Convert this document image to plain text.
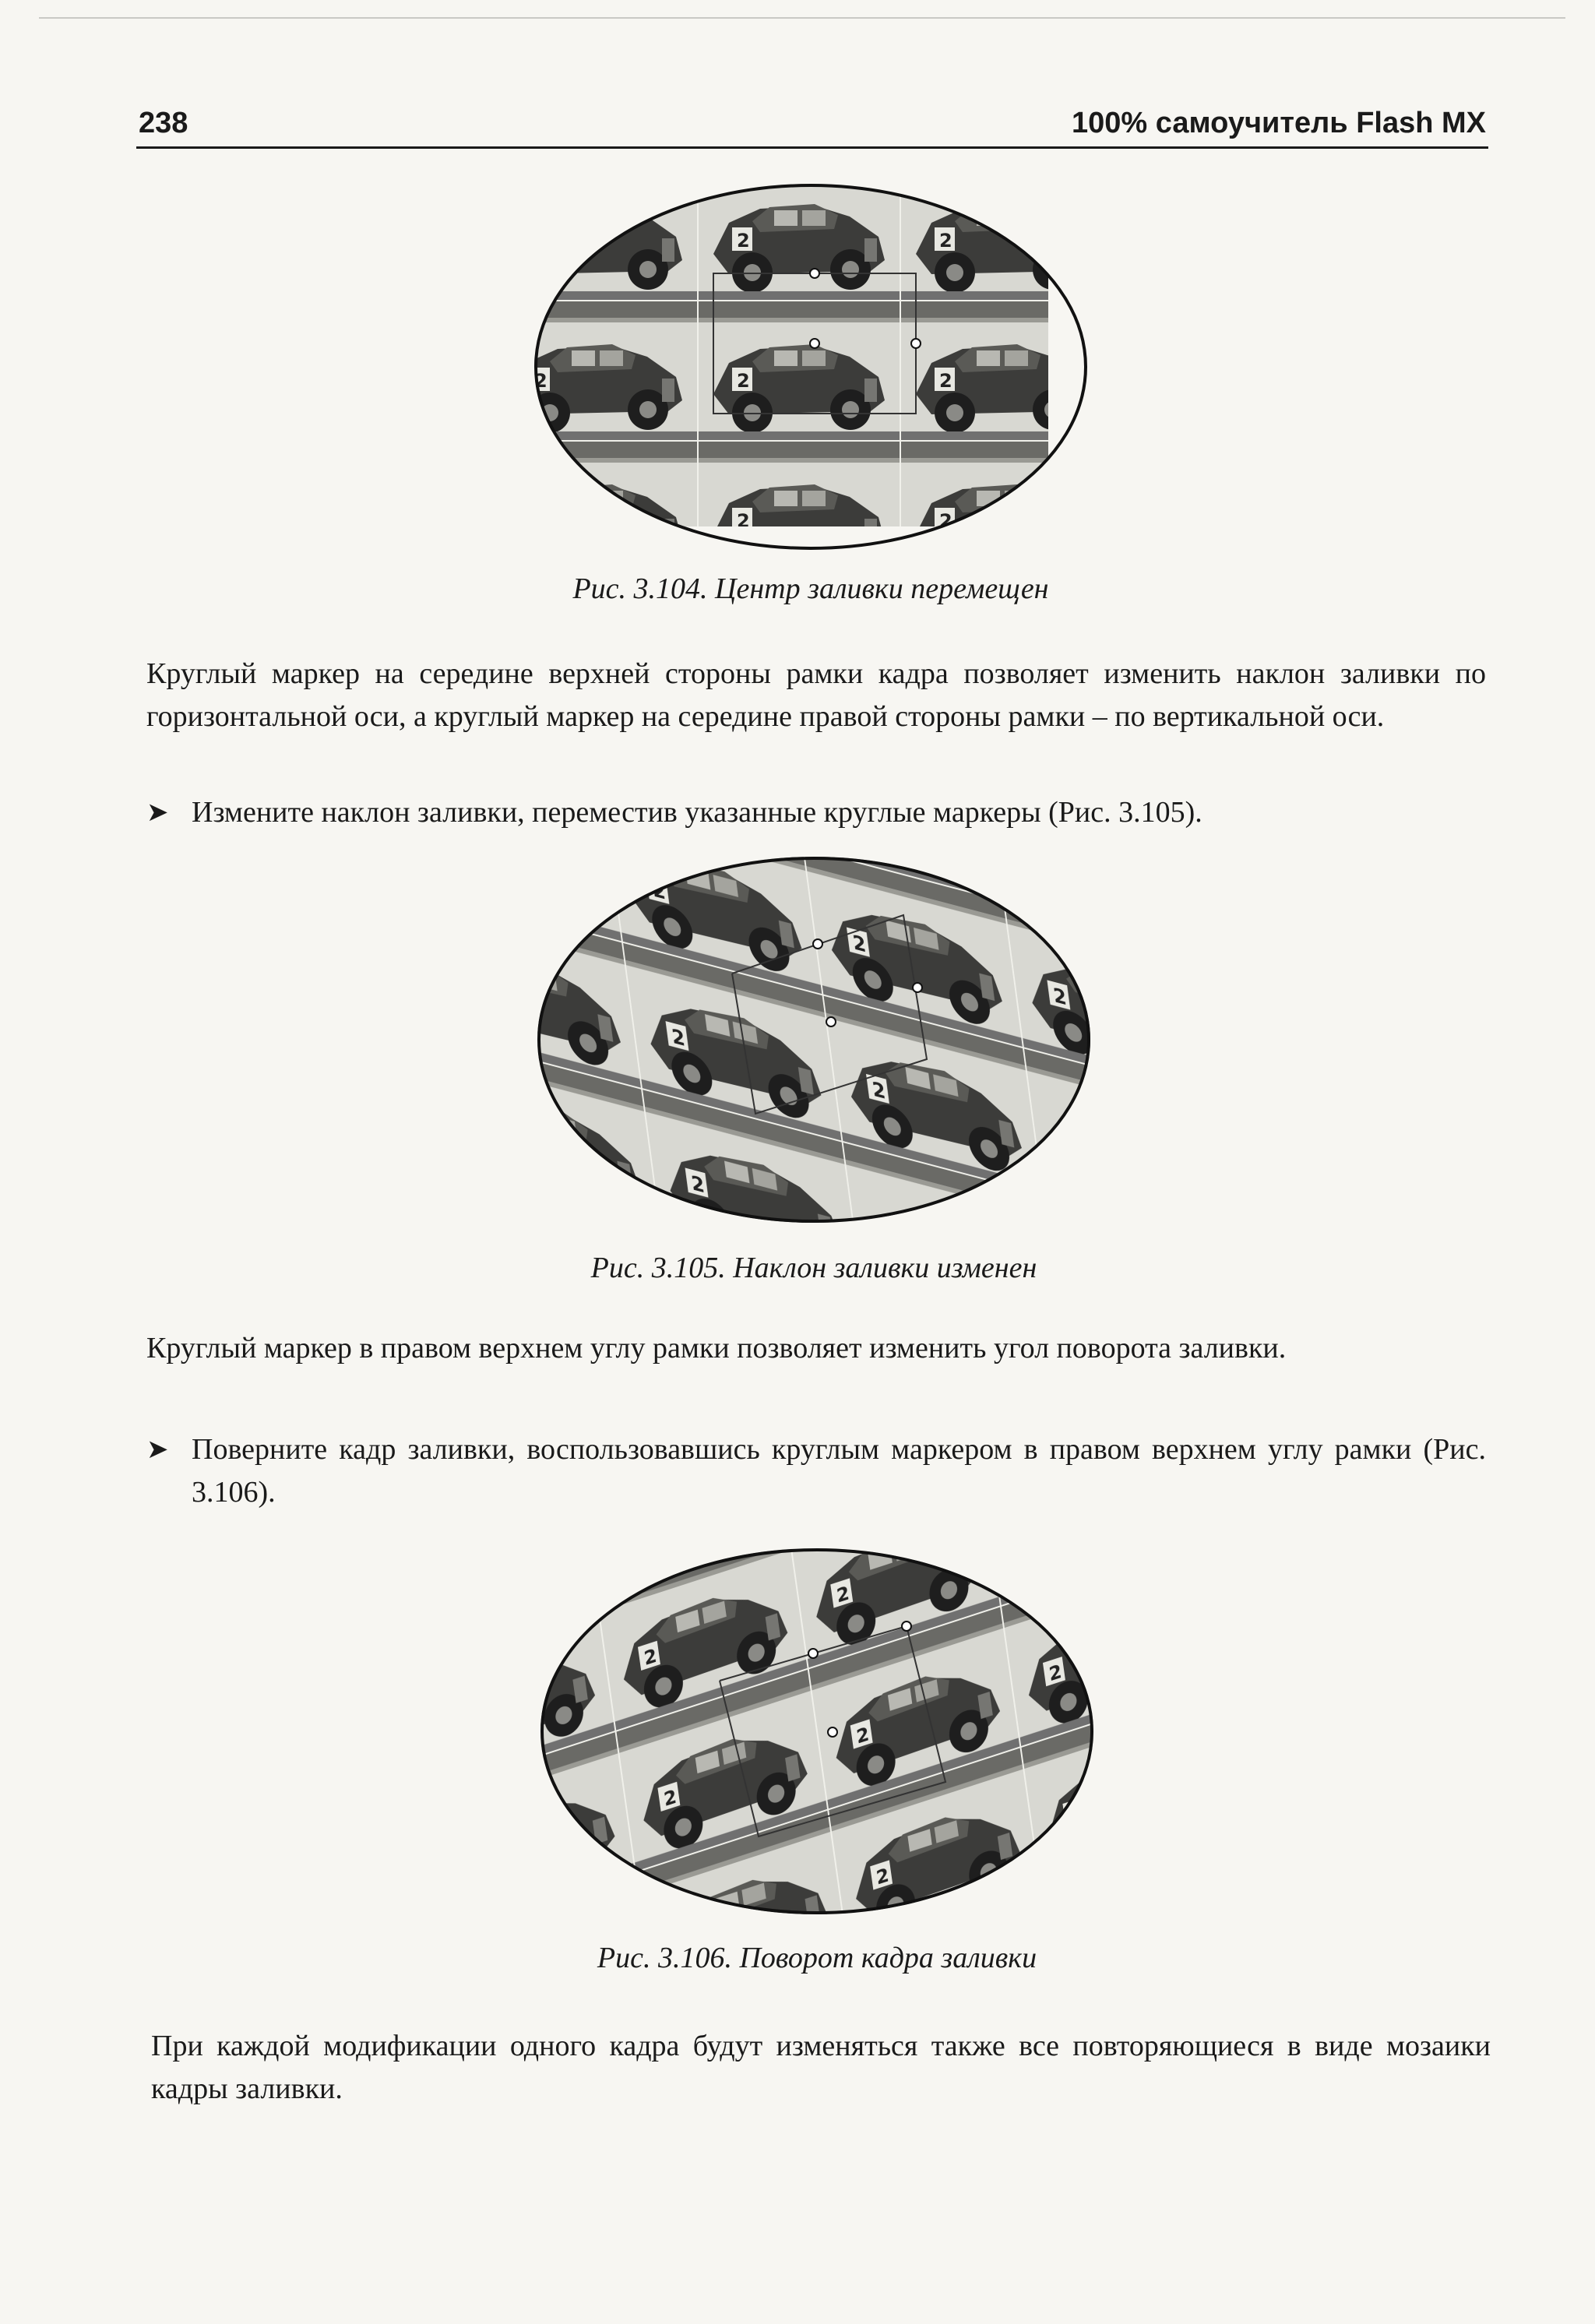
238	100% самоучитель Flash MX
Рис. 3.104. Центр заливки перемещен
Круглый маркер на середине верхней стороны рамки кадра позволяет изменить наклон заливки по горизонтальной оси, а круглый маркер на середине правой стороны рамки – по вертикальной оси.
➤ Измените наклон заливки, переместив указанные круглые маркеры (Рис. 3.105).
Рис. 3.105. Наклон заливки изменен
Круглый маркер в правом верхнем углу рамки позволяет изменить угол поворота заливки.
➤ Поверните кадр заливки, воспользовавшись круглым маркером в правом верхнем углу рамки (Рис. 3.106).
Рис. 3.106. Поворот кадра заливки
При каждой модификации одного кадра будут изменяться также все повторяющиеся в виде мозаики кадры заливки.
